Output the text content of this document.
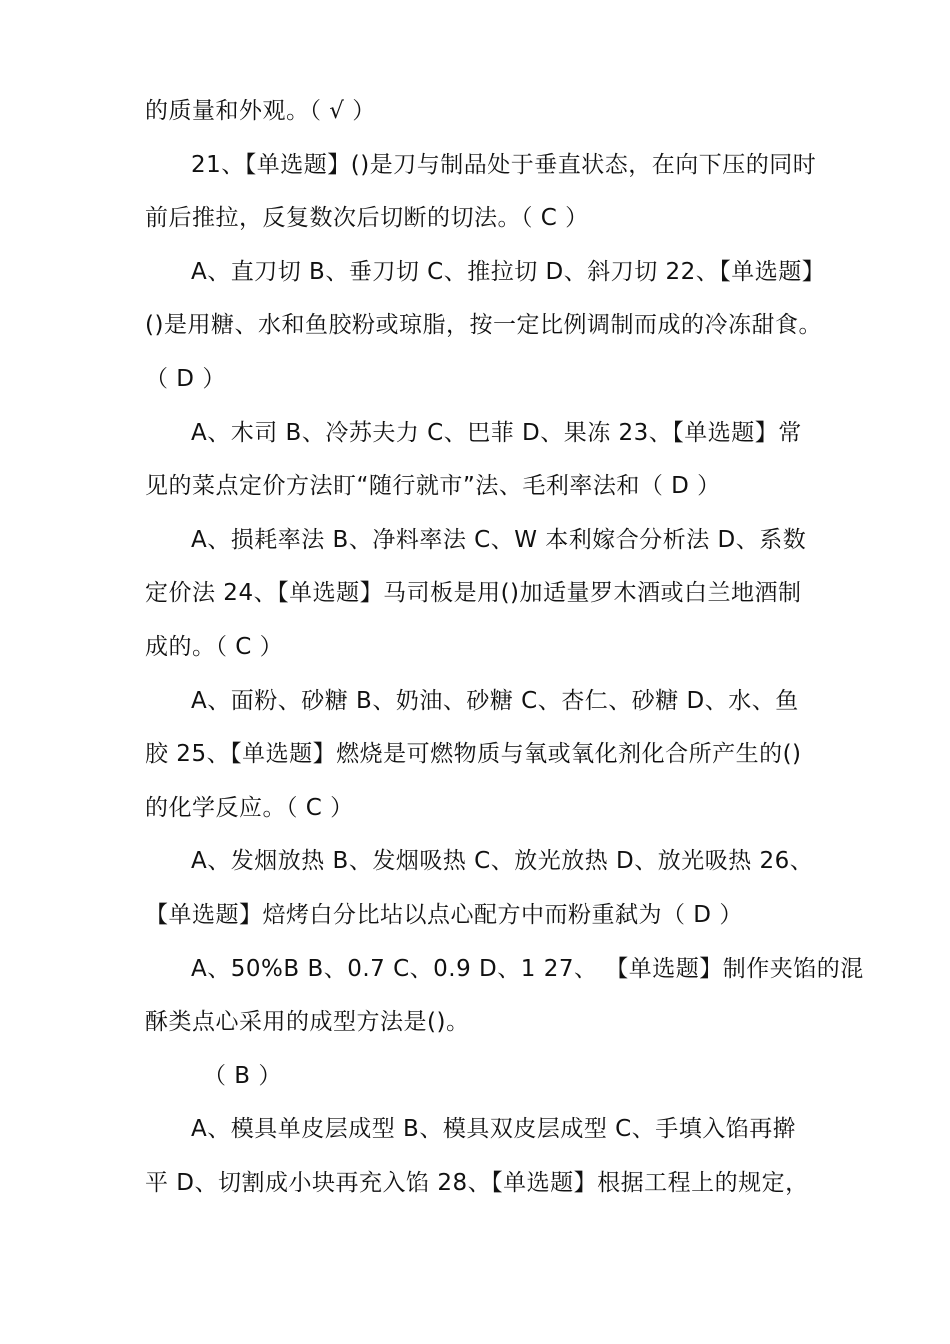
的质量和外观。（ √ ）
21、【单选题】()是刀与制品处于垂直状态，在向下压的同时
前后推拉，反复数次后切断的切法。（ C ）
A、直刀切 B、垂刀切 C、推拉切 D、斜刀切 22、【单选题】
()是用糖、水和鱼胶粉或琼脂，按一定比例调制而成的冷冻甜食。
（ D ）
A、木司 B、冷苏夫力 C、巴菲 D、果冻 23、【单选题】常
见的菜点定价方法盯“随行就市”法、毛利率法和（ D ）
A、损耗率法 B、净料率法 C、W 本利嫁合分析法 D、系数
定价法 24、【单选题】马司板是用()加适量罗木酒或白兰地酒制
成的。（ C ）
A、面粉、砂糖 B、奶油、砂糖 C、杏仁、砂糖 D、水、鱼
胶 25、【单选题】燃烧是可燃物质与氧或氧化剂化合所产生的()
的化学反应。（ C ）
A、发烟放热 B、发烟吸热 C、放光放热 D、放光吸热 26、
【单选题】焙烤白分比坫以点心配方中而粉重弑为（ D ）
A、50%B B、0.7 C、0.9 D、1 27、 【单选题】制作夹馅的混
酥类点心采用的成型方法是()。
（ B ）
A、模具单皮层成型 B、模具双皮层成型 C、手填入馅再擀
平 D、切割成小块再充入馅 28、【单选题】根据工程上的规定，
